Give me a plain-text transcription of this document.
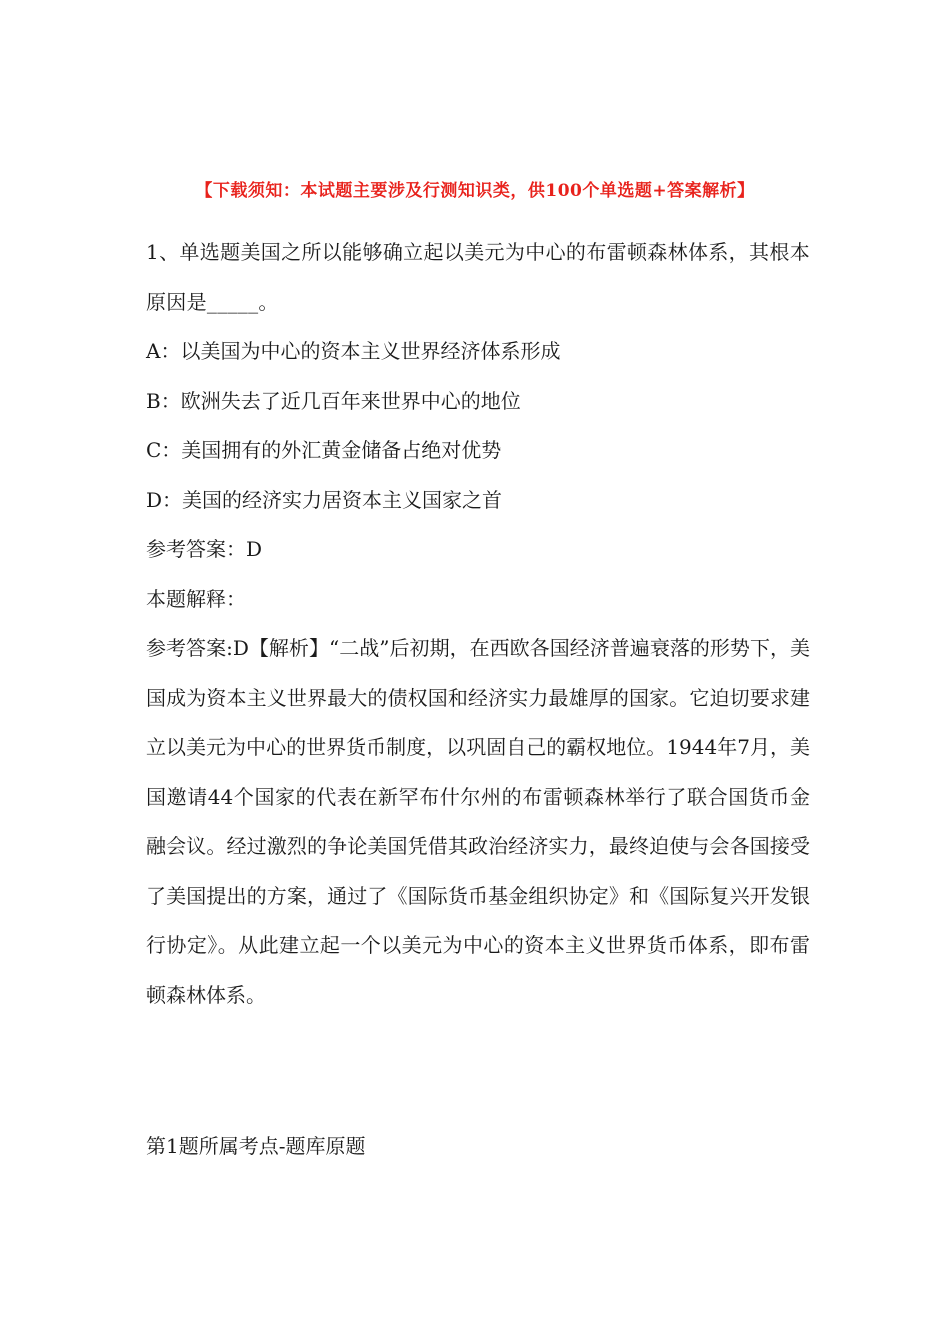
【下载须知：本试题主要涉及行测知识类，供100个单选题+答案解析】

1、单选题美国之所以能够确立起以美元为中心的布雷顿森林体系，其根本原因是_____。

A：以美国为中心的资本主义世界经济体系形成

B：欧洲失去了近几百年来世界中心的地位

C：美国拥有的外汇黄金储备占绝对优势

D：美国的经济实力居资本主义国家之首

参考答案：D

本题解释：

参考答案:D【解析】“二战”后初期，在西欧各国经济普遍衰落的形势下，美国成为资本主义世界最大的债权国和经济实力最雄厚的国家。它迫切要求建立以美元为中心的世界货币制度，以巩固自己的霸权地位。1944年7月，美国邀请44个国家的代表在新罕布什尔州的布雷顿森林举行了联合国货币金融会议。经过激烈的争论美国凭借其政治经济实力，最终迫使与会各国接受了美国提出的方案，通过了《国际货币基金组织协定》和《国际复兴开发银行协定》。从此建立起一个以美元为中心的资本主义世界货币体系，即布雷顿森林体系。

第1题所属考点-题库原题
